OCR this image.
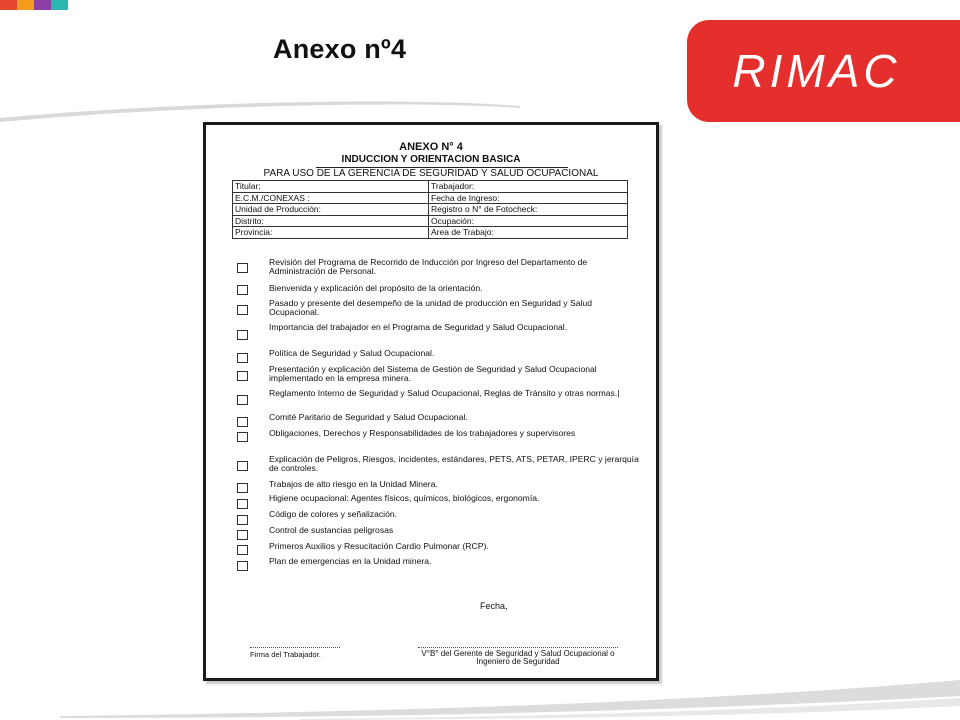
Anexo nº4	RIMAC
ANEXO N° 4
INDUCCION Y ORIENTACION BASICA
PARA USO DE LA GERENCIA DE SEGURIDAD Y SALUD OCUPACIONAL
Titular:	Trabajador:
E.C.M./CONEXAS :	Fecha de Ingreso:
Unidad de Producción:	Registro o N° de Fotocheck:
Distrito:	Ocupación:
Provincia:	Area de Trabajo:
Revisión del Programa de Recorrido de Inducción por Ingreso del Departamento de Administración de Personal.
Bienvenida y explicación del propósito de la orientación.
Pasado y presente del desempeño de la unidad de producción en Seguridad y Salud Ocupacional.
Importancia del trabajador en el Programa de Seguridad y Salud Ocupacional.
Política de Seguridad y Salud Ocupacional.
Presentación y explicación del Sistema de Gestión de Seguridad y Salud Ocupacional implementado en la empresa minera.
Reglamento Interno de Seguridad y Salud Ocupacional, Reglas de Tránsito y otras normas.|
Comité Paritario de Seguridad y Salud Ocupacional.
Obligaciones, Derechos y Responsabilidades de los trabajadores y supervisores
Explicación de Peligros, Riesgos, incidentes, estándares, PETS, ATS, PETAR, IPERC y jerarquía de controles.
Trabajos de alto riesgo en la Unidad Minera.
Higiene ocupacional: Agentes físicos, químicos, biológicos, ergonomía.
Código de colores y señalización.
Control de sustancias peligrosas
Primeros Auxilios y Resucitación Cardio Pulmonar (RCP).
Plan de emergencias en la Unidad minera.
Fecha,
Firma del Trabajador.	V°B° del Gerente de Seguridad y Salud Ocupacional o Ingeniero de Seguridad
